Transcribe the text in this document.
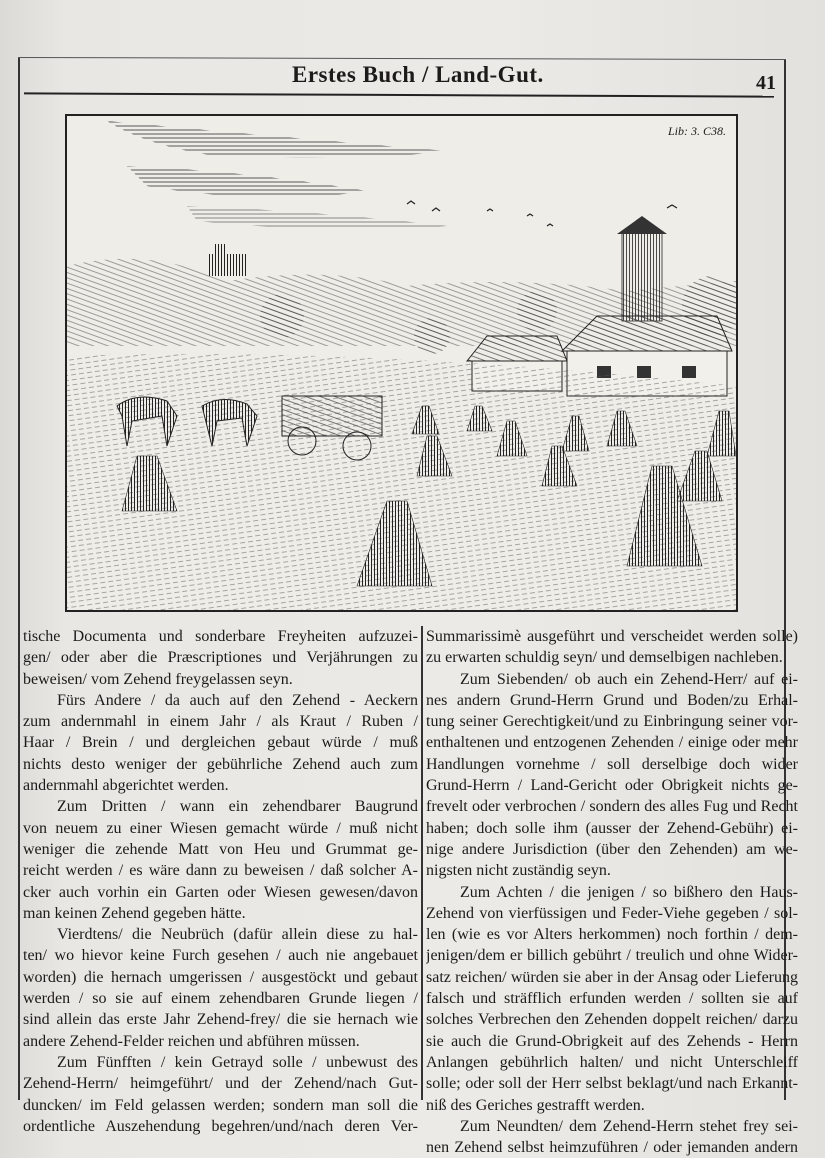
Erstes Buch / Land-Gut.	41
Lib: 3. C38.
tische Documenta und sonderbare Freyheiten aufzuzei-
gen/ oder aber die Præscriptiones und Verjährungen zu
beweisen/ vom Zehend freygelassen seyn.
Fürs Andere / da auch auf den Zehend - Aeckern
zum andernmahl in einem Jahr / als Kraut / Ruben /
Haar / Brein / und dergleichen gebaut würde / muß
nichts desto weniger der gebührliche Zehend auch zum
andernmahl abgerichtet werden.
Zum Dritten / wann ein zehendbarer Baugrund
von neuem zu einer Wiesen gemacht würde / muß nicht
weniger die zehende Matt von Heu und Grummat ge-
reicht werden / es wäre dann zu beweisen / daß solcher A-
cker auch vorhin ein Garten oder Wiesen gewesen/davon
man keinen Zehend gegeben hätte.
Vierdtens/ die Neubrüch (dafür allein diese zu hal-
ten/ wo hievor keine Furch gesehen / auch nie angebauet
worden) die hernach umgerissen / ausgestöckt und gebaut
werden / so sie auf einem zehendbaren Grunde liegen /
sind allein das erste Jahr Zehend-frey/ die sie hernach wie
andere Zehend-Felder reichen und abführen müssen.
Zum Fünfften / kein Getrayd solle / unbewust des
Zehend-Herrn/ heimgeführt/ und der Zehend/nach Gut-
duncken/ im Feld gelassen werden; sondern man soll die
ordentliche Auszehendung begehren/und/nach deren Ver-
Summarissimè ausgeführt und verscheidet werden solle)
zu erwarten schuldig seyn/ und demselbigen nachleben.
Zum Siebenden/ ob auch ein Zehend-Herr/ auf ei-
nes andern Grund-Herrn Grund und Boden/zu Erhal-
tung seiner Gerechtigkeit/und zu Einbringung seiner vor-
enthaltenen und entzogenen Zehenden / einige oder mehr
Handlungen vornehme / soll derselbige doch wider
Grund-Herrn / Land-Gericht oder Obrigkeit nichts ge-
frevelt oder verbrochen / sondern des alles Fug und Recht
haben; doch solle ihm (ausser der Zehend-Gebühr) ei-
nige andere Jurisdiction (über den Zehenden) am we-
nigsten nicht zuständig seyn.
Zum Achten / die jenigen / so bißhero den Haus-
Zehend von vierfüssigen und Feder-Viehe gegeben / sol-
len (wie es vor Alters herkommen) noch forthin / dem-
jenigen/dem er billich gebührt / treulich und ohne Wider-
satz reichen/ würden sie aber in der Ansag oder Lieferung
falsch und sträfflich erfunden werden / sollten sie auf
solches Verbrechen den Zehenden doppelt reichen/ darzu
sie auch die Grund-Obrigkeit auf des Zehends - Herrn
Anlangen gebührlich halten/ und nicht Unterschleiff
solle; oder soll der Herr selbst beklagt/und nach Erkannt-
niß des Geriches gestrafft werden.
Zum Neundten/ dem Zehend-Herrn stehet frey sei-
nen Zehend selbst heimzuführen / oder jemanden andern
